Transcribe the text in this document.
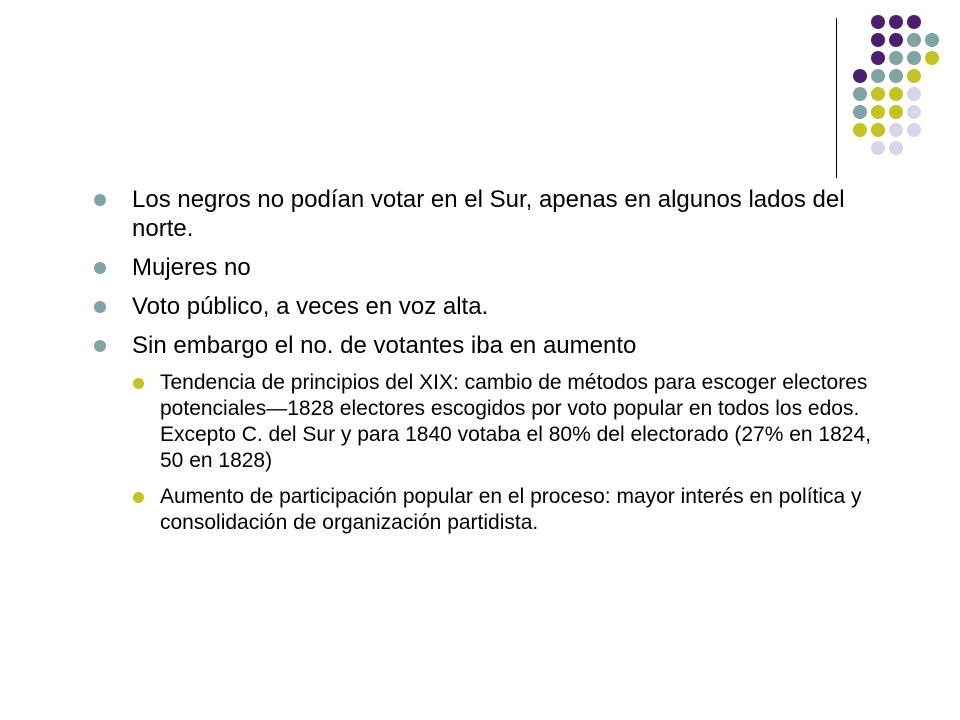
Los negros no podían votar en el Sur, apenas en algunos lados del norte.
Mujeres no
Voto público, a veces en voz alta.
Sin embargo el no. de votantes iba en aumento
Tendencia de principios del XIX: cambio de métodos para escoger electores potenciales—1828 electores escogidos por voto popular en todos los edos. Excepto C. del Sur y para 1840 votaba el 80% del electorado (27% en 1824, 50 en 1828)
Aumento de participación popular en el proceso: mayor interés en política y consolidación de organización partidista.
